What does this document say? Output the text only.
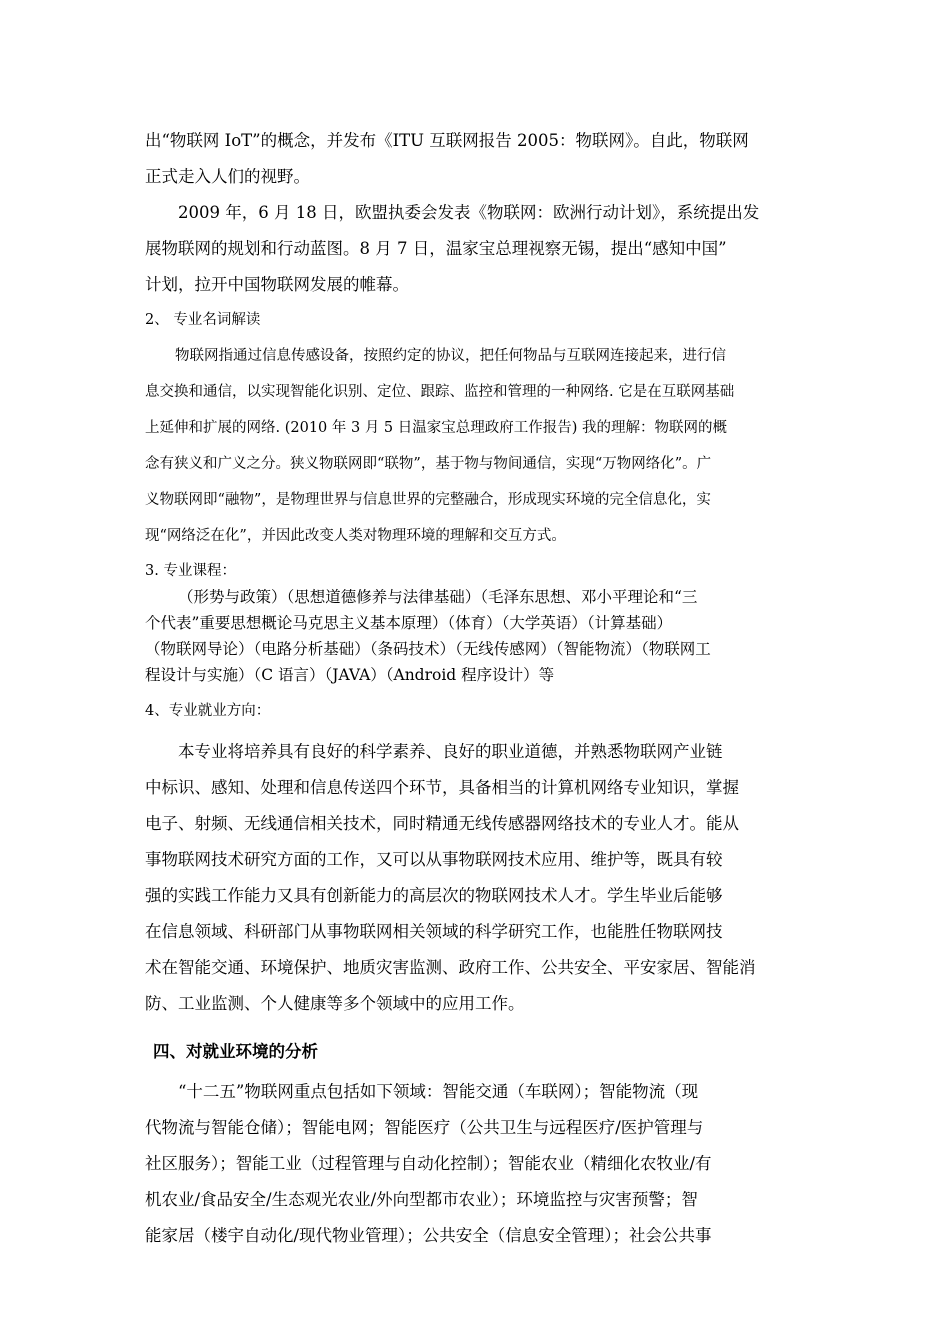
出“物联网 IoT”的概念，并发布《ITU 互联网报告 2005：物联网》。自此，物联网
正式走入人们的视野。
2009 年，6 月 18 日，欧盟执委会发表《物联网：欧洲行动计划》，系统提出发
展物联网的规划和行动蓝图。8 月 7 日，温家宝总理视察无锡，提出“感知中国”
计划，拉开中国物联网发展的帷幕。
2、 专业名词解读
物联网指通过信息传感设备，按照约定的协议，把任何物品与互联网连接起来，进行信
息交换和通信，以实现智能化识别、定位、跟踪、监控和管理的一种网络. 它是在互联网基础
上延伸和扩展的网络. (2010 年 3 月 5 日温家宝总理政府工作报告) 我的理解：物联网的概
念有狭义和广义之分。狭义物联网即“联物”，基于物与物间通信，实现“万物网络化”。广
义物联网即“融物”，是物理世界与信息世界的完整融合，形成现实环境的完全信息化，实
现“网络泛在化”，并因此改变人类对物理环境的理解和交互方式。
3. 专业课程：
（形势与政策）（思想道德修养与法律基础）（毛泽东思想、邓小平理论和“三
个代表”重要思想概论马克思主义基本原理）（体育）（大学英语）（计算基础）
（物联网导论）（电路分析基础）（条码技术）（无线传感网）（智能物流）（物联网工
程设计与实施）（C 语言）（JAVA）（Android 程序设计）等
4、专业就业方向：
本专业将培养具有良好的科学素养、良好的职业道德，并熟悉物联网产业链
中标识、感知、处理和信息传送四个环节，具备相当的计算机网络专业知识，掌握
电子、射频、无线通信相关技术，同时精通无线传感器网络技术的专业人才。能从
事物联网技术研究方面的工作，又可以从事物联网技术应用、维护等，既具有较
强的实践工作能力又具有创新能力的高层次的物联网技术人才。学生毕业后能够
在信息领域、科研部门从事物联网相关领域的科学研究工作，也能胜任物联网技
术在智能交通、环境保护、地质灾害监测、政府工作、公共安全、平安家居、智能消
防、工业监测、个人健康等多个领域中的应用工作。
四、对就业环境的分析
“十二五”物联网重点包括如下领域：智能交通（车联网）；智能物流（现
代物流与智能仓储）；智能电网；智能医疗（公共卫生与远程医疗/医护管理与
社区服务）；智能工业（过程管理与自动化控制）；智能农业（精细化农牧业/有
机农业/食品安全/生态观光农业/外向型都市农业）；环境监控与灾害预警；智
能家居（楼宇自动化/现代物业管理）；公共安全（信息安全管理）；社会公共事
